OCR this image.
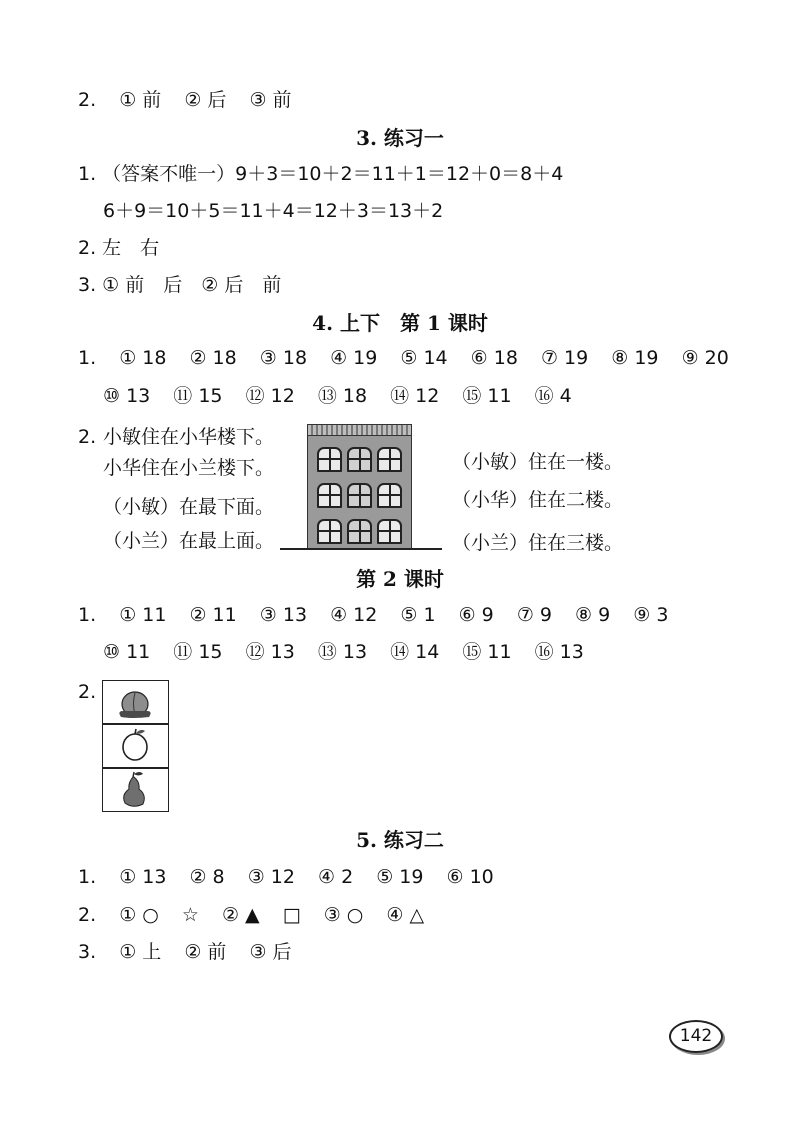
2. ① 前 ② 后 ③ 前
3. 练习一
1. （答案不唯一）9＋3＝10＋2＝11＋1＝12＋0＝8＋4
6＋9＝10＋5＝11＋4＝12＋3＝13＋2
2. 左　右
3. ① 前　后　② 后　前
4. 上下　第 1 课时
1. ① 18 ② 18 ③ 18 ④ 19 ⑤ 14 ⑥ 18 ⑦ 19 ⑧ 19 ⑨ 20
⑩ 13 ⑪ 15 ⑫ 12 ⑬ 18 ⑭ 12 ⑮ 11 ⑯ 4
2. 小敏住在小华楼下。
小华住在小兰楼下。
（小敏）在最下面。
（小兰）在最上面。
（小敏）住在一楼。
（小华）住在二楼。
（小兰）住在三楼。
第 2 课时
1. ① 11 ② 11 ③ 13 ④ 12 ⑤ 1 ⑥ 9 ⑦ 9 ⑧ 9 ⑨ 3
⑩ 11 ⑪ 15 ⑫ 13 ⑬ 13 ⑭ 14 ⑮ 11 ⑯ 13
2.
5. 练习二
1. ① 13 ② 8 ③ 12 ④ 2 ⑤ 19 ⑥ 10
2. ① ○ ☆ ② ▲ □ ③ ○ ④ △
3. ① 上 ② 前 ③ 后
142
